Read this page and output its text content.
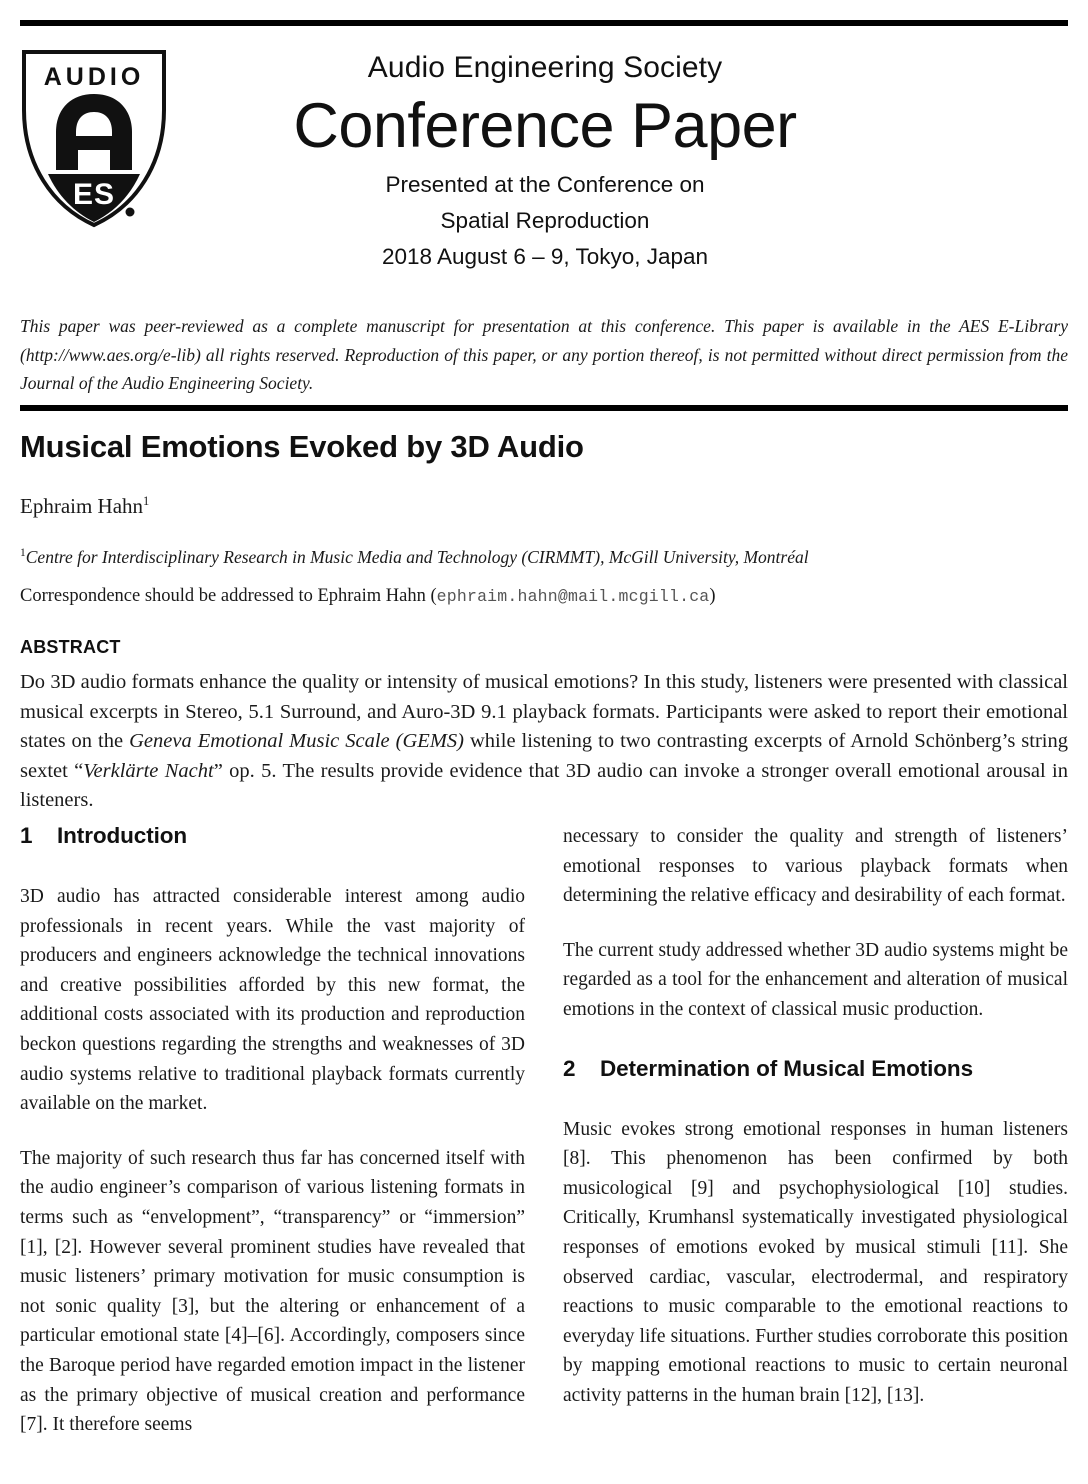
AUDIO
ES
Audio Engineering Society
Conference Paper
Presented at the Conference on
Spatial Reproduction
2018 August 6 – 9, Tokyo, Japan
This paper was peer-reviewed as a complete manuscript for presentation at this conference. This paper is available in the AES E-Library (http://www.aes.org/e-lib) all rights reserved. Reproduction of this paper, or any portion thereof, is not permitted without direct permission from the Journal of the Audio Engineering Society.
Musical Emotions Evoked by 3D Audio
Ephraim Hahn$^1$
$^1$Centre for Interdisciplinary Research in Music Media and Technology (CIRMMT), McGill University, Montréal
Correspondence should be addressed to Ephraim Hahn (ephraim.hahn@mail.mcgill.ca)
ABSTRACT
Do 3D audio formats enhance the quality or intensity of musical emotions? In this study, listeners were presented with classical musical excerpts in Stereo, 5.1 Surround, and Auro-3D 9.1 playback formats. Participants were asked to report their emotional states on the Geneva Emotional Music Scale (GEMS) while listening to two contrasting excerpts of Arnold Schönberg’s string sextet “Verklärte Nacht” op. 5. The results provide evidence that 3D audio can invoke a stronger overall emotional arousal in listeners.
1 Introduction

3D audio has attracted considerable interest among audio professionals in recent years. While the vast majority of producers and engineers acknowledge the technical innovations and creative possibilities afforded by this new format, the additional costs associated with its production and reproduction beckon questions regarding the strengths and weaknesses of 3D audio systems relative to traditional playback formats currently available on the market.

The majority of such research thus far has concerned itself with the audio engineer’s comparison of various listening formats in terms such as “envelopment”, “transparency” or “immersion” [1], [2]. However several prominent studies have revealed that music listeners’ primary motivation for music consumption is not sonic quality [3], but the altering or enhancement of a particular emotional state [4]–[6]. Accordingly, composers since the Baroque period have regarded emotion impact in the listener as the primary objective of musical creation and performance [7]. It therefore seems

necessary to consider the quality and strength of listeners’ emotional responses to various playback formats when determining the relative efficacy and desirability of each format.

The current study addressed whether 3D audio systems might be regarded as a tool for the enhancement and alteration of musical emotions in the context of classical music production.

2 Determination of Musical Emotions

Music evokes strong emotional responses in human listeners [8]. This phenomenon has been confirmed by both musicological [9] and psychophysiological [10] studies. Critically, Krumhansl systematically investigated physiological responses of emotions evoked by musical stimuli [11]. She observed cardiac, vascular, electrodermal, and respiratory reactions to music comparable to the emotional reactions to everyday life situations. Further studies corroborate this position by mapping emotional reactions to music to certain neuronal activity patterns in the human brain [12], [13].
